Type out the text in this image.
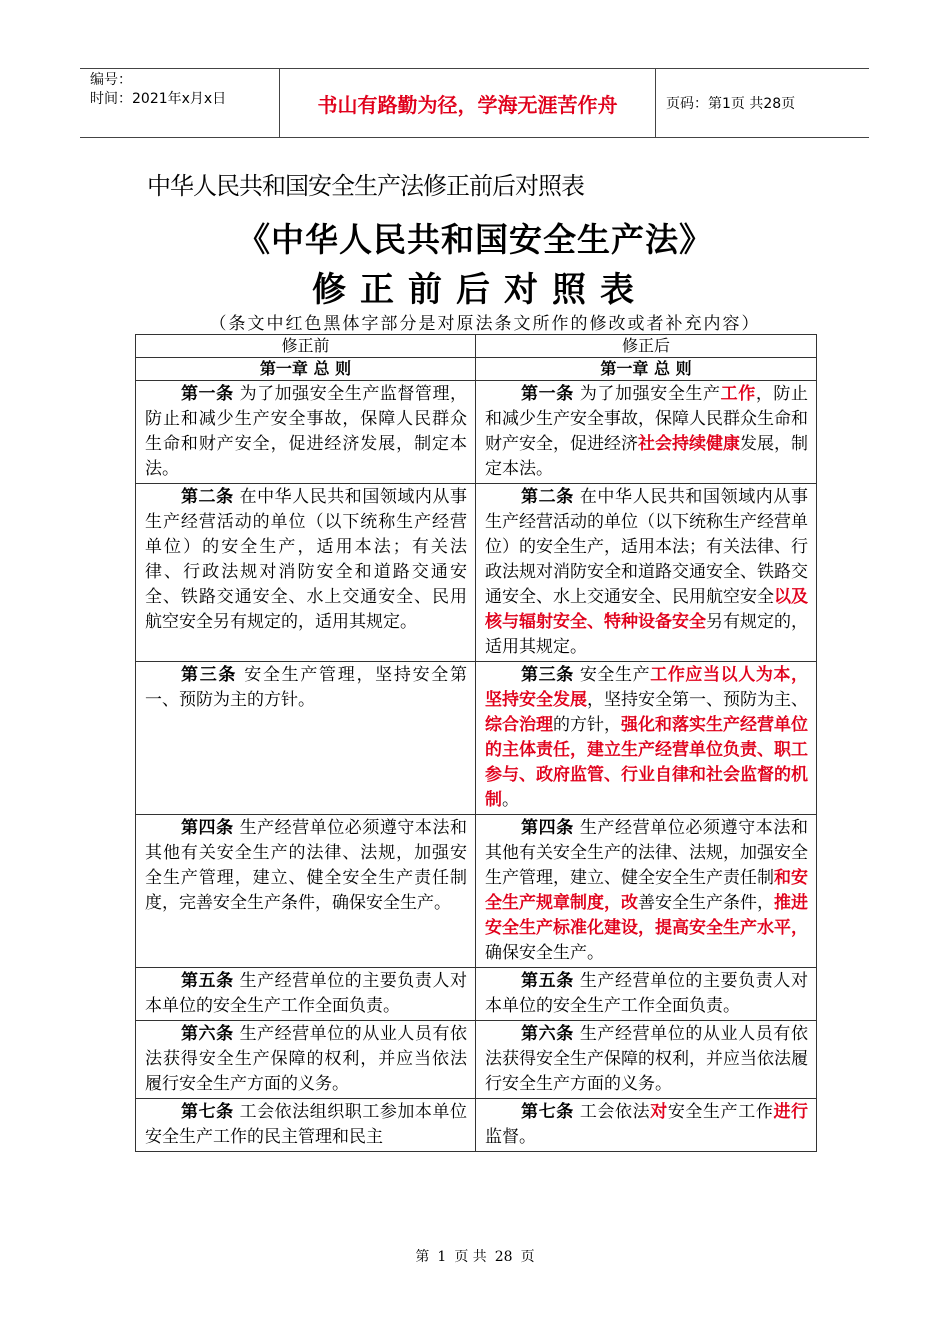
编号：
时间：2021年x月x日	书山有路勤为径，学海无涯苦作舟	页码：第1页 共28页
中华人民共和国安全生产法修正前后对照表
《中华人民共和国安全生产法》
修正前后对照表
（条文中红色黑体字部分是对原法条文所作的修改或者补充内容）
修正前	修正后
第一章 总 则	第一章 总 则
第一条 为了加强安全生产监督管理，防止和减少生产安全事故，保障人民群众生命和财产安全，促进经济发展，制定本法。	第一条 为了加强安全生产工作，防止和减少生产安全事故，保障人民群众生命和财产安全，促进经济社会持续健康发展，制定本法。
第二条 在中华人民共和国领域内从事生产经营活动的单位（以下统称生产经营单位）的安全生产，适用本法；有关法律、行政法规对消防安全和道路交通安全、铁路交通安全、水上交通安全、民用航空安全另有规定的，适用其规定。	第二条 在中华人民共和国领域内从事生产经营活动的单位（以下统称生产经营单位）的安全生产，适用本法；有关法律、行政法规对消防安全和道路交通安全、铁路交通安全、水上交通安全、民用航空安全以及核与辐射安全、特种设备安全另有规定的，适用其规定。
第三条 安全生产管理，坚持安全第一、预防为主的方针。	第三条 安全生产工作应当以人为本，坚持安全发展，坚持安全第一、预防为主、综合治理的方针，强化和落实生产经营单位的主体责任，建立生产经营单位负责、职工参与、政府监管、行业自律和社会监督的机制。
第四条 生产经营单位必须遵守本法和其他有关安全生产的法律、法规，加强安全生产管理，建立、健全安全生产责任制度，完善安全生产条件，确保安全生产。	第四条 生产经营单位必须遵守本法和其他有关安全生产的法律、法规，加强安全生产管理，建立、健全安全生产责任制和安全生产规章制度，改善安全生产条件，推进安全生产标准化建设，提高安全生产水平，确保安全生产。
第五条 生产经营单位的主要负责人对本单位的安全生产工作全面负责。	第五条 生产经营单位的主要负责人对本单位的安全生产工作全面负责。
第六条 生产经营单位的从业人员有依法获得安全生产保障的权利，并应当依法履行安全生产方面的义务。	第六条 生产经营单位的从业人员有依法获得安全生产保障的权利，并应当依法履行安全生产方面的义务。
第七条 工会依法组织职工参加本单位安全生产工作的民主管理和民主	第七条 工会依法对安全生产工作进行监督。
第 1 页 共 28 页
